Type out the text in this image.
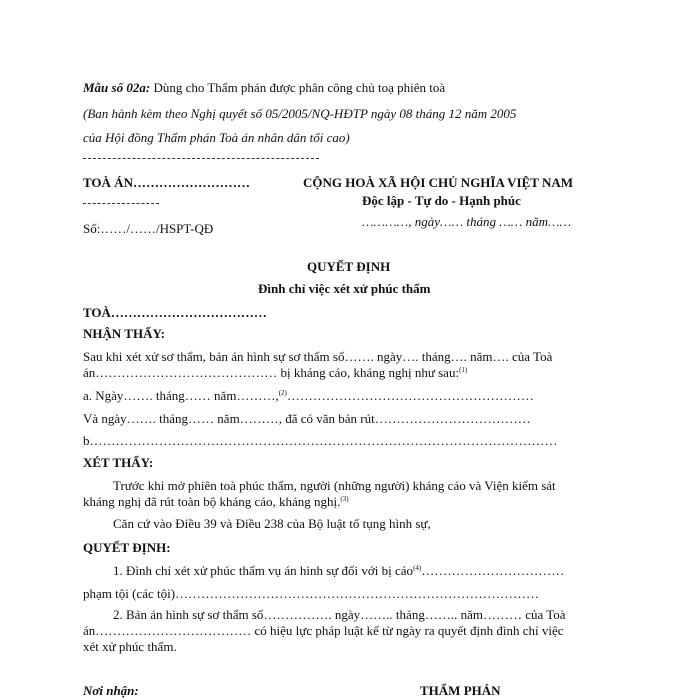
Mẫu số 02a: Dùng cho Thẩm phán được phân công chủ toạ phiên toà
(Ban hành kèm theo Nghị quyết số 05/2005/NQ-HĐTP ngày 08 tháng 12 năm 2005
của Hội đồng Thẩm phán Toà án nhân dân tối cao)
TOÀ ÁN………………………	CỘNG HOÀ XÃ HỘI CHỦ NGHĨA VIỆT NAM
Độc lập - Tự do - Hạnh phúc
Số:……/……/HSPT-QĐ	…………, ngày…… tháng …… năm……
QUYẾT ĐỊNH
Đình chỉ việc xét xử phúc thẩm
TOÀ………………………………
NHẬN THẤY:
Sau khi xét xử sơ thẩm, bản án hình sự sơ thẩm số……. ngày…. tháng…. năm…. của Toà
án…………………………………… bị kháng cáo, kháng nghị như sau:$^{(1)}$
a. Ngày……. tháng…… năm………,$^{(2)}$…………………………………………………
Và ngày……. tháng…… năm………, đã có văn bản rút………………………………
b………………………………………………………………………………………………
XÉT THẤY:
Trước khi mở phiên toà phúc thẩm, người (những người) kháng cáo và Viện kiểm sát
kháng nghị đã rút toàn bộ kháng cáo, kháng nghị.$^{(3)}$
Căn cứ vào Điều 39 và Điều 238 của Bộ luật tố tụng hình sự,
QUYẾT ĐỊNH:
1. Đình chỉ xét xử phúc thẩm vụ án hình sự đối với bị cáo$^{(4)}$……………………………
phạm tội (các tội)…………………………………………………………………………
2. Bản án hình sự sơ thẩm số……………. ngày…….. tháng…….. năm……… của Toà
án……………………………… có hiệu lực pháp luật kể từ ngày ra quyết định đình chỉ việc
xét xử phúc thẩm.
Nơi nhận:	THẨM PHÁN
